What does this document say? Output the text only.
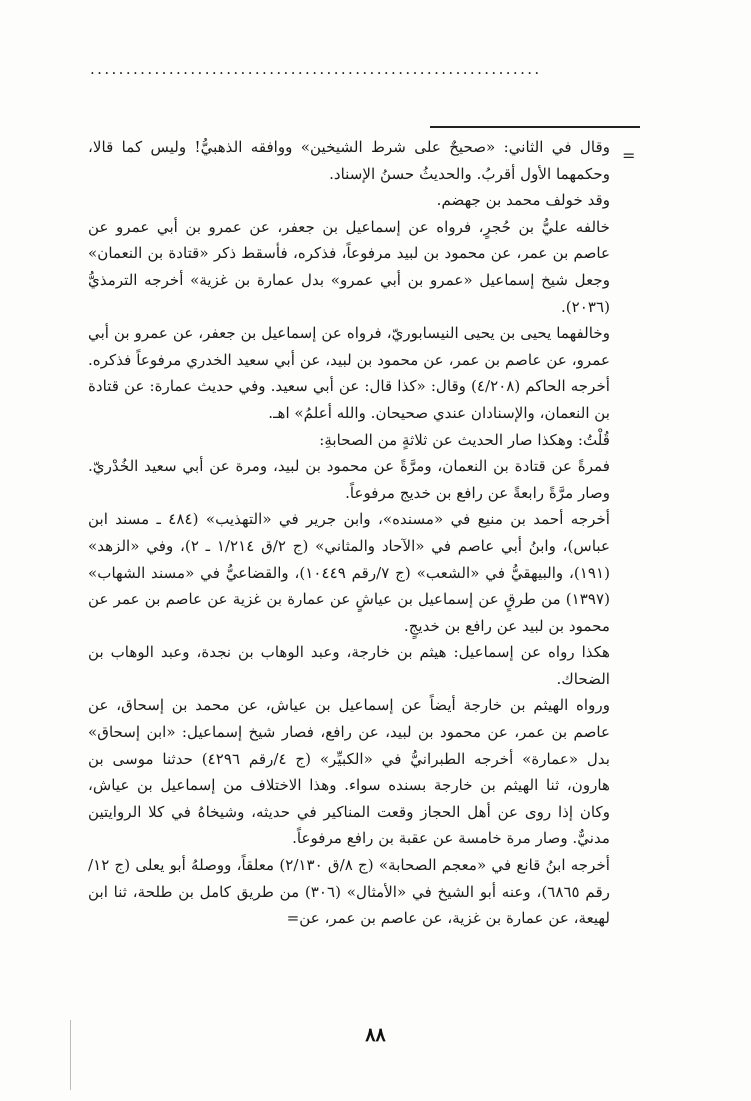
...............................................................
=

وقال في الثاني: «صحيحٌ على شرط الشيخين» ووافقه الذهبيُّ! وليس كما قالا، وحكمهما الأول أقربُ. والحديثُ حسنُ الإسناد.

وقد خولف محمد بن جهضم.

خالفه عليُّ بن حُجرٍ، فرواه عن إسماعيل بن جعفر، عن عمرو بن أبي عمرو عن عاصم بن عمر، عن محمود بن لبيد مرفوعاً، فذكره، فأسقط ذكر «قتادة بن النعمان» وجعل شيخ إسماعيل «عمرو بن أبي عمرو» بدل عمارة بن غزية» أخرجه الترمذيُّ (٢٠٣٦).

وخالفهما يحيى بن يحيى النيسابوريّ، فرواه عن إسماعيل بن جعفر، عن عمرو بن أبي عمرو، عن عاصم بن عمر، عن محمود بن لبيد، عن أبي سعيد الخدري مرفوعاً فذكره. أخرجه الحاكم (٤/٢٠٨) وقال: «كذا قال: عن أبي سعيد. وفي حديث عمارة: عن قتادة بن النعمان، والإسنادان عندي صحيحان. والله أعلمُ» اهـ.

قُلْتُ: وهكذا صار الحديث عن ثلاثةٍ من الصحابةِ:

فمرةً عن قتادة بن النعمان، ومرَّةً عن محمود بن لبيد، ومرة عن أبي سعيد الخُدْريّ. وصار مرَّةً رابعةً عن رافع بن خديج مرفوعاً.

أخرجه أحمد بن منيع في «مسنده»، وابن جرير في «التهذيب» (٤٨٤ ـ مسند ابن عباس)، وابنُ أبي عاصم في «الآحاد والمثاني» (ج ٢/ق ١/٢١٤ ـ ٢)، وفي «الزهد» (١٩١)، والبيهقيُّ في «الشعب» (ج ٧/رقم ١٠٤٤٩)، والقضاعيُّ في «مسند الشهاب» (١٣٩٧) من طرقٍ عن إسماعيل بن عياشٍ عن عمارة بن غزية عن عاصم بن عمر عن محمود بن لبيد عن رافع بن خديجٍ.

هكذا رواه عن إسماعيل: هيثم بن خارجة، وعبد الوهاب بن نجدة، وعبد الوهاب بن الضحاك.

ورواه الهيثم بن خارجة أيضاً عن إسماعيل بن عياش، عن محمد بن إسحاق، عن عاصم بن عمر، عن محمود بن لبيد، عن رافع، فصار شيخ إسماعيل: «ابن إسحاق» بدل «عمارة» أخرجه الطبرانيُّ في «الكبيِّر» (ج ٤/رقم ٤٢٩٦) حدثنا موسى بن هارون، ثنا الهيثم بن خارجة بسنده سواء. وهذا الاختلاف من إسماعيل بن عياش، وكان إذا روى عن أهل الحجاز وقعت المناكير في حديثه، وشيخاهُ في كلا الروايتين مدنيٌّ. وصار مرة خامسة عن عقبة بن رافع مرفوعاً.

أخرجه ابنُ قانع في «معجم الصحابة» (ج ٨/ق ٢/١٣٠) معلقاً، ووصلهُ أبو يعلى (ج ١٢/رقم ٦٨٦٥)، وعنه أبو الشيخ في «الأمثال» (٣٠٦) من طريق كامل بن طلحة، ثنا ابن لهيعة، عن عمارة بن غزية، عن عاصم بن عمر، عن=

٨٨
